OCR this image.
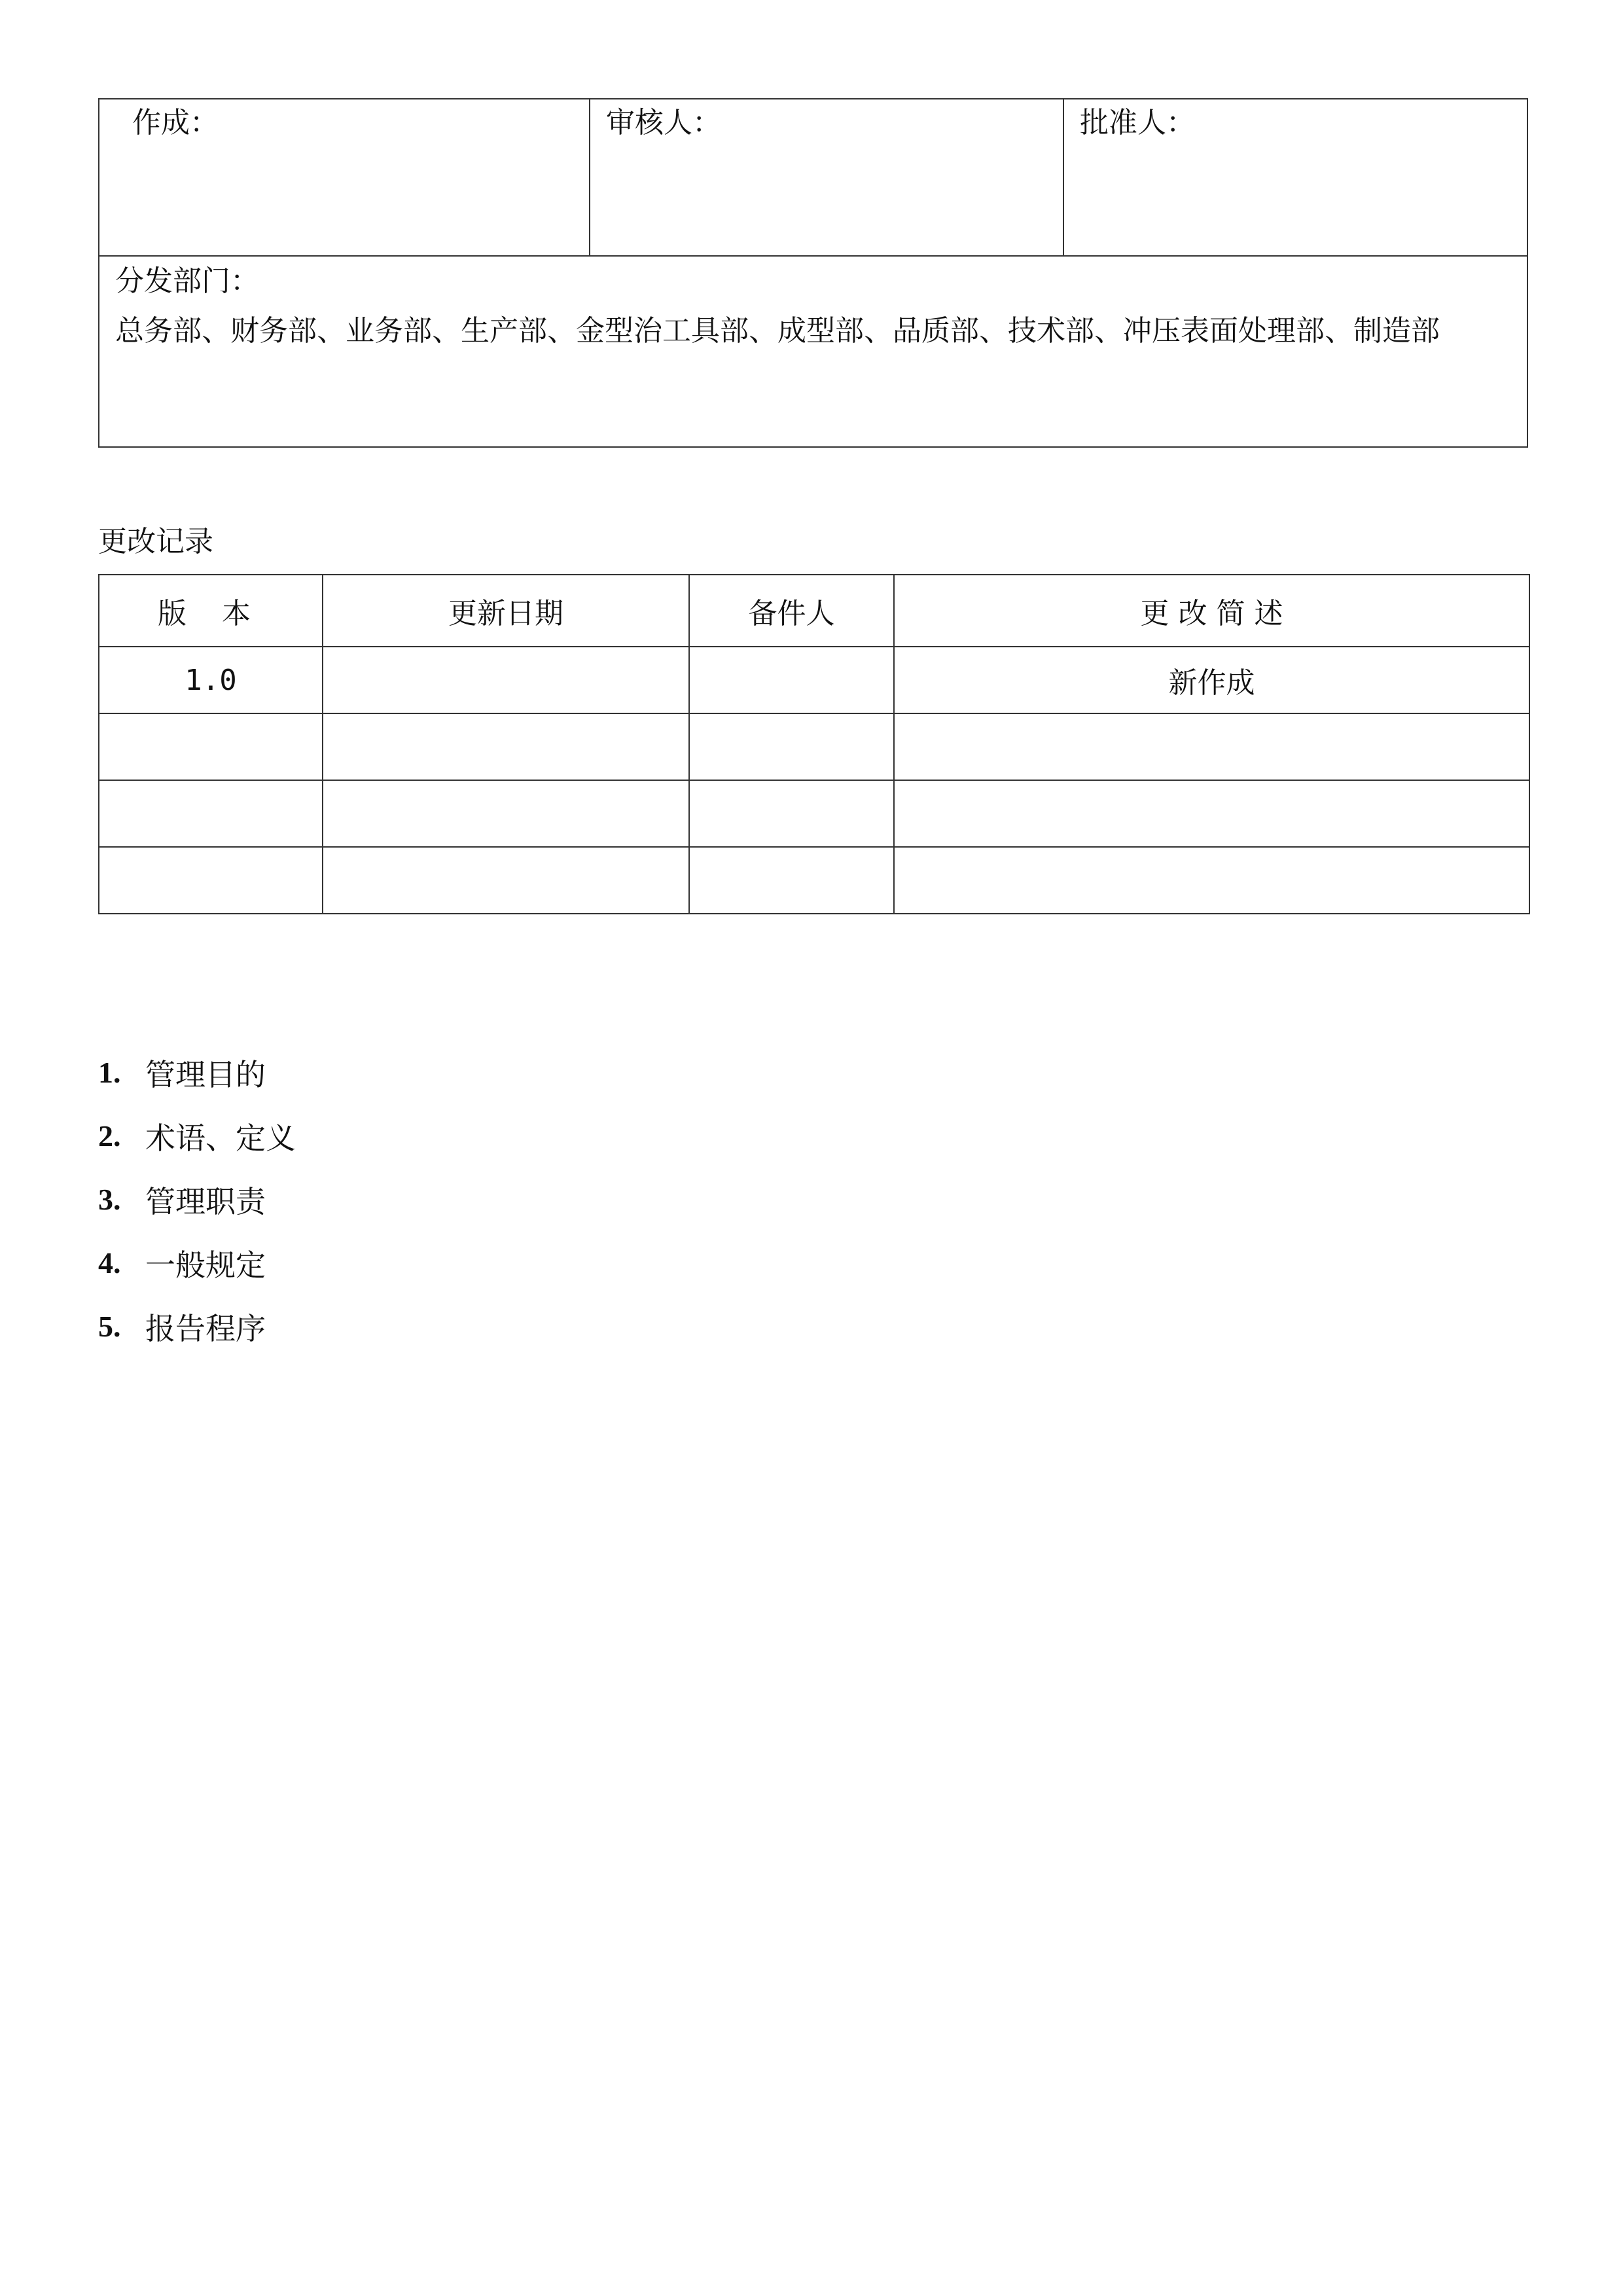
作成：	审核人：	批准人：

分发部门：
总务部、财务部、业务部、生产部、金型治工具部、成型部、品质部、技术部、冲压表面处理部、制造部
更改记录
版 本	更新日期	备件人	更 改 简 述
1.0			新作成

1. 管理目的
2. 术语、定义
3. 管理职责
4. 一般规定
5. 报告程序
